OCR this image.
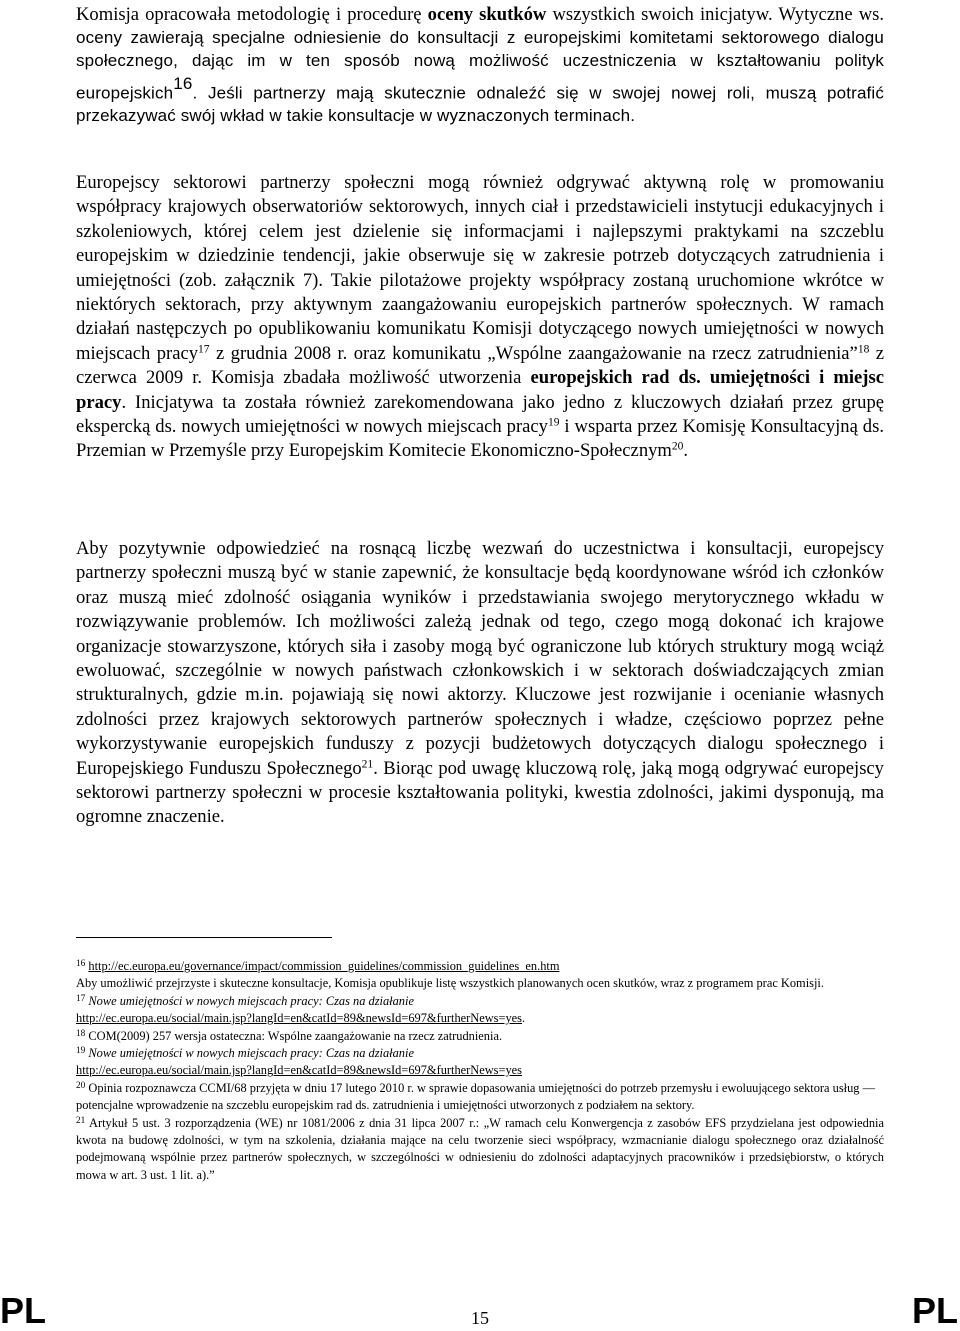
Komisja opracowała metodologię i procedurę oceny skutków wszystkich swoich inicjatyw. Wytyczne ws. oceny zawierają specjalne odniesienie do konsultacji z europejskimi komitetami sektorowego dialogu społecznego, dając im w ten sposób nową możliwość uczestniczenia w kształtowaniu polityk europejskich$^{16}$. Jeśli partnerzy mają skutecznie odnaleźć się w swojej nowej roli, muszą potrafić przekazywać swój wkład w takie konsultacje w wyznaczonych terminach.

Europejscy sektorowi partnerzy społeczni mogą również odgrywać aktywną rolę w promowaniu współpracy krajowych obserwatoriów sektorowych, innych ciał i przedstawicieli instytucji edukacyjnych i szkoleniowych, której celem jest dzielenie się informacjami i najlepszymi praktykami na szczeblu europejskim w dziedzinie tendencji, jakie obserwuje się w zakresie potrzeb dotyczących zatrudnienia i umiejętności (zob. załącznik 7). Takie pilotażowe projekty współpracy zostaną uruchomione wkrótce w niektórych sektorach, przy aktywnym zaangażowaniu europejskich partnerów społecznych. W ramach działań następczych po opublikowaniu komunikatu Komisji dotyczącego nowych umiejętności w nowych miejscach pracy$^{17}$ z grudnia 2008 r. oraz komunikatu „Wspólne zaangażowanie na rzecz zatrudnienia”$^{18}$ z czerwca 2009 r. Komisja zbadała możliwość utworzenia europejskich rad ds. umiejętności i miejsc pracy. Inicjatywa ta została również zarekomendowana jako jedno z kluczowych działań przez grupę ekspercką ds. nowych umiejętności w nowych miejscach pracy$^{19}$ i wsparta przez Komisję Konsultacyjną ds. Przemian w Przemyśle przy Europejskim Komitecie Ekonomiczno-Społecznym$^{20}$.

Aby pozytywnie odpowiedzieć na rosnącą liczbę wezwań do uczestnictwa i konsultacji, europejscy partnerzy społeczni muszą być w stanie zapewnić, że konsultacje będą koordynowane wśród ich członków oraz muszą mieć zdolność osiągania wyników i przedstawiania swojego merytorycznego wkładu w rozwiązywanie problemów. Ich możliwości zależą jednak od tego, czego mogą dokonać ich krajowe organizacje stowarzyszone, których siła i zasoby mogą być ograniczone lub których struktury mogą wciąż ewoluować, szczególnie w nowych państwach członkowskich i w sektorach doświadczających zmian strukturalnych, gdzie m.in. pojawiają się nowi aktorzy. Kluczowe jest rozwijanie i ocenianie własnych zdolności przez krajowych sektorowych partnerów społecznych i władze, częściowo poprzez pełne wykorzystywanie europejskich funduszy z pozycji budżetowych dotyczących dialogu społecznego i Europejskiego Funduszu Społecznego$^{21}$. Biorąc pod uwagę kluczową rolę, jaką mogą odgrywać europejscy sektorowi partnerzy społeczni w procesie kształtowania polityki, kwestia zdolności, jakimi dysponują, ma ogromne znaczenie.

$^{16}$ http://ec.europa.eu/governance/impact/commission_guidelines/commission_guidelines_en.htm

Aby umożliwić przejrzyste i skuteczne konsultacje, Komisja opublikuje listę wszystkich planowanych ocen skutków, wraz z programem prac Komisji.

$^{17}$ Nowe umiejętności w nowych miejscach pracy: Czas na działanie

http://ec.europa.eu/social/main.jsp?langId=en&catId=89&newsId=697&furtherNews=yes.

$^{18}$ COM(2009) 257 wersja ostateczna: Wspólne zaangażowanie na rzecz zatrudnienia.

$^{19}$ Nowe umiejętności w nowych miejscach pracy: Czas na działanie

http://ec.europa.eu/social/main.jsp?langId=en&catId=89&newsId=697&furtherNews=yes

$^{20}$ Opinia rozpoznawcza CCMI/68 przyjęta w dniu 17 lutego 2010 r. w sprawie dopasowania umiejętności do potrzeb przemysłu i ewoluującego sektora usług — potencjalne wprowadzenie na szczeblu europejskim rad ds. zatrudnienia i umiejętności utworzonych z podziałem na sektory.

$^{21}$ Artykuł 5 ust. 3 rozporządzenia (WE) nr 1081/2006 z dnia 31 lipca 2007 r.: „W ramach celu Konwergencja z zasobów EFS przydzielana jest odpowiednia kwota na budowę zdolności, w tym na szkolenia, działania mające na celu tworzenie sieci współpracy, wzmacnianie dialogu społecznego oraz działalność podejmowaną wspólnie przez partnerów społecznych, w szczególności w odniesieniu do zdolności adaptacyjnych pracowników i przedsiębiorstw, o których mowa w art. 3 ust. 1 lit. a).”

PL	15	PL
